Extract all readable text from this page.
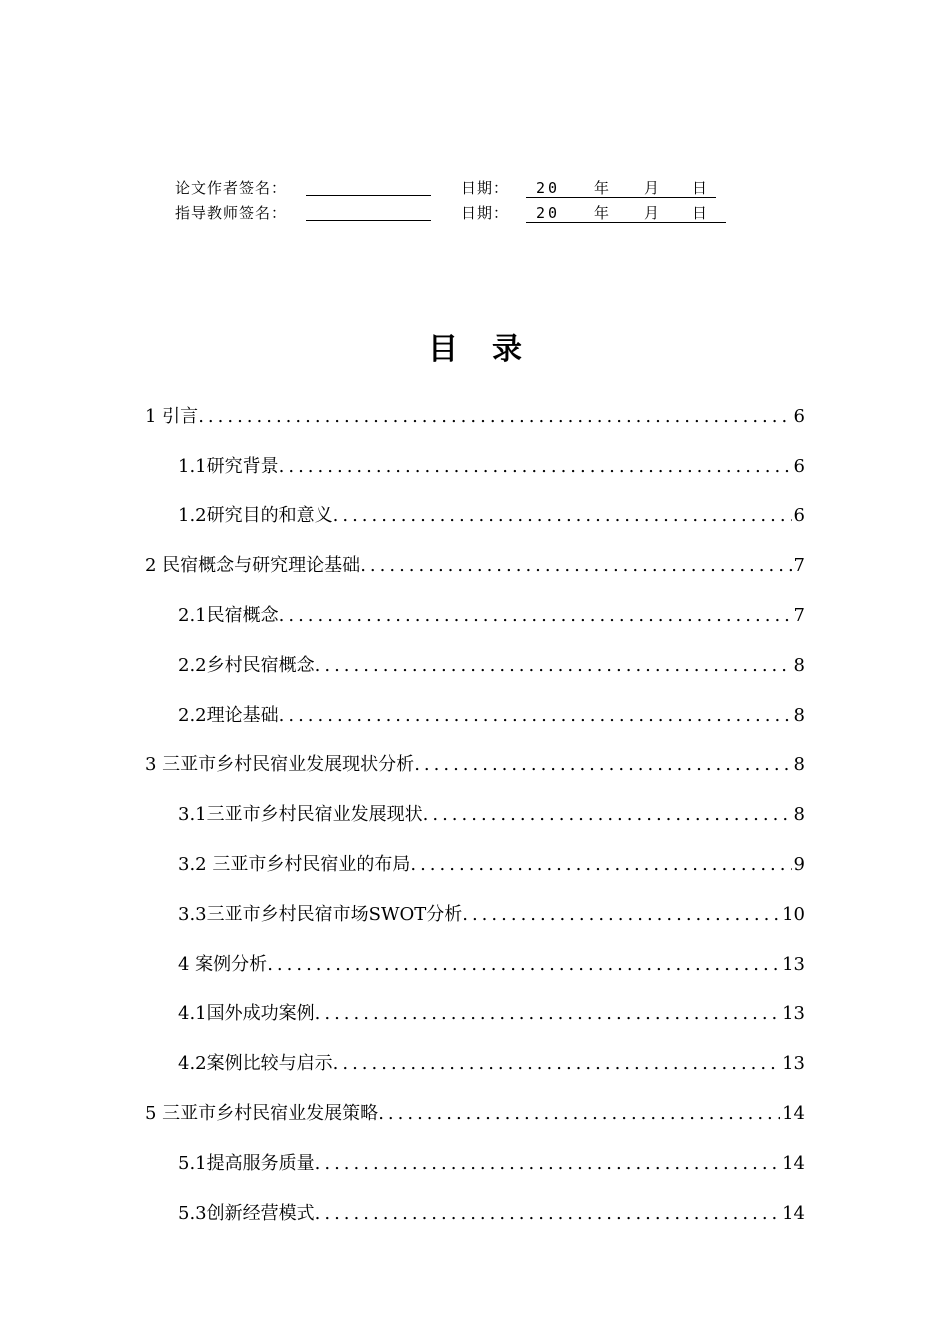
论文作者签名：	日期： 20 年 月 日
指导教师签名：	日期： 20 年 月 日
目录
1 引言 .....	6
1.1研究背景 .....	6
1.2研究目的和意义 .....	6
2 民宿概念与研究理论基础 .....	7
2.1民宿概念 .....	7
2.2乡村民宿概念 .....	8
2.2理论基础 .....	8
3 三亚市乡村民宿业发展现状分析 .....	8
3.1三亚市乡村民宿业发展现状 .....	8
3.2 三亚市乡村民宿业的布局 .....	9
3.3三亚市乡村民宿市场SWOT分析 .....	10
4 案例分析 .....	13
4.1国外成功案例 .....	13
4.2案例比较与启示 .....	13
5 三亚市乡村民宿业发展策略 .....	14
5.1提高服务质量 .....	14
5.3创新经营模式 .....	14
